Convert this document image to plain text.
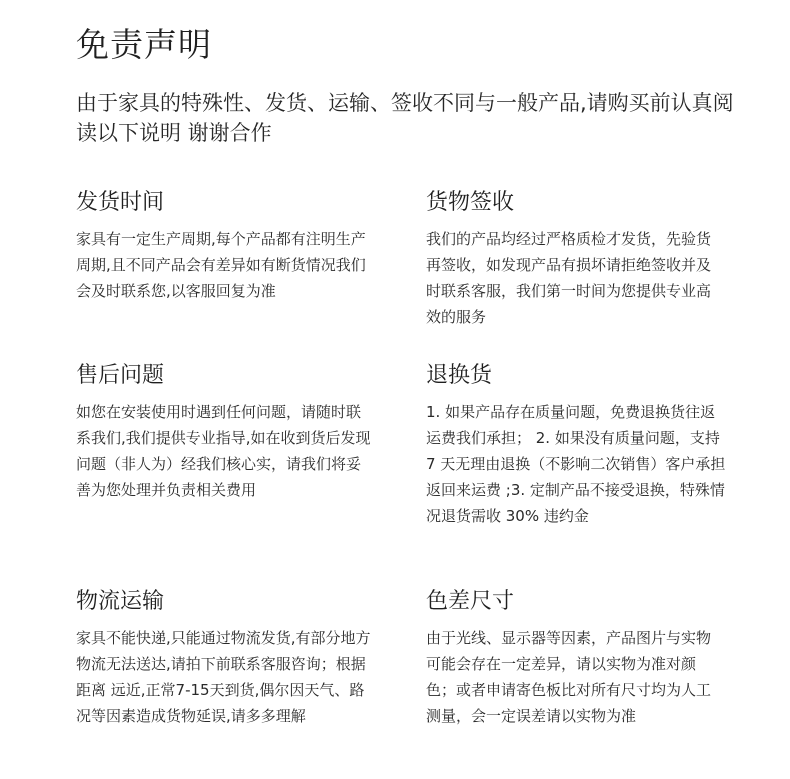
免责声明

由于家具的特殊性、发货、运输、签收不同与一般产品,请购买前认真阅读以下说明 谢谢合作

发货时间

家具有一定生产周期,每个产品都有注明生产周期,且不同产品会有差异如有断货情况我们会及时联系您,以客服回复为准

货物签收

我们的产品均经过严格质检才发货，先验货再签收，如发现产品有损坏请拒绝签收并及时联系客服，我们第一时间为您提供专业高效的服务

售后问题

如您在安装使用时遇到任何问题，请随时联系我们,我们提供专业指导,如在收到货后发现问题（非人为）经我们核心实，请我们将妥善为您处理并负责相关费用

退换货

1. 如果产品存在质量问题，免费退换货往返运费我们承担； 2. 如果没有质量问题，支持 7 天无理由退换（不影响二次销售）客户承担返回来运费 ;3. 定制产品不接受退换，特殊情况退货需收 30% 违约金

物流运输

家具不能快递,只能通过物流发货,有部分地方物流无法送达,请拍下前联系客服咨询；根据距离 远近,正常7-15天到货,偶尔因天气、路况等因素造成货物延误,请多多理解

色差尺寸

由于光线、显示器等因素，产品图片与实物可能会存在一定差异，请以实物为准对颜色；或者申请寄色板比对所有尺寸均为人工测量，会一定误差请以实物为准
